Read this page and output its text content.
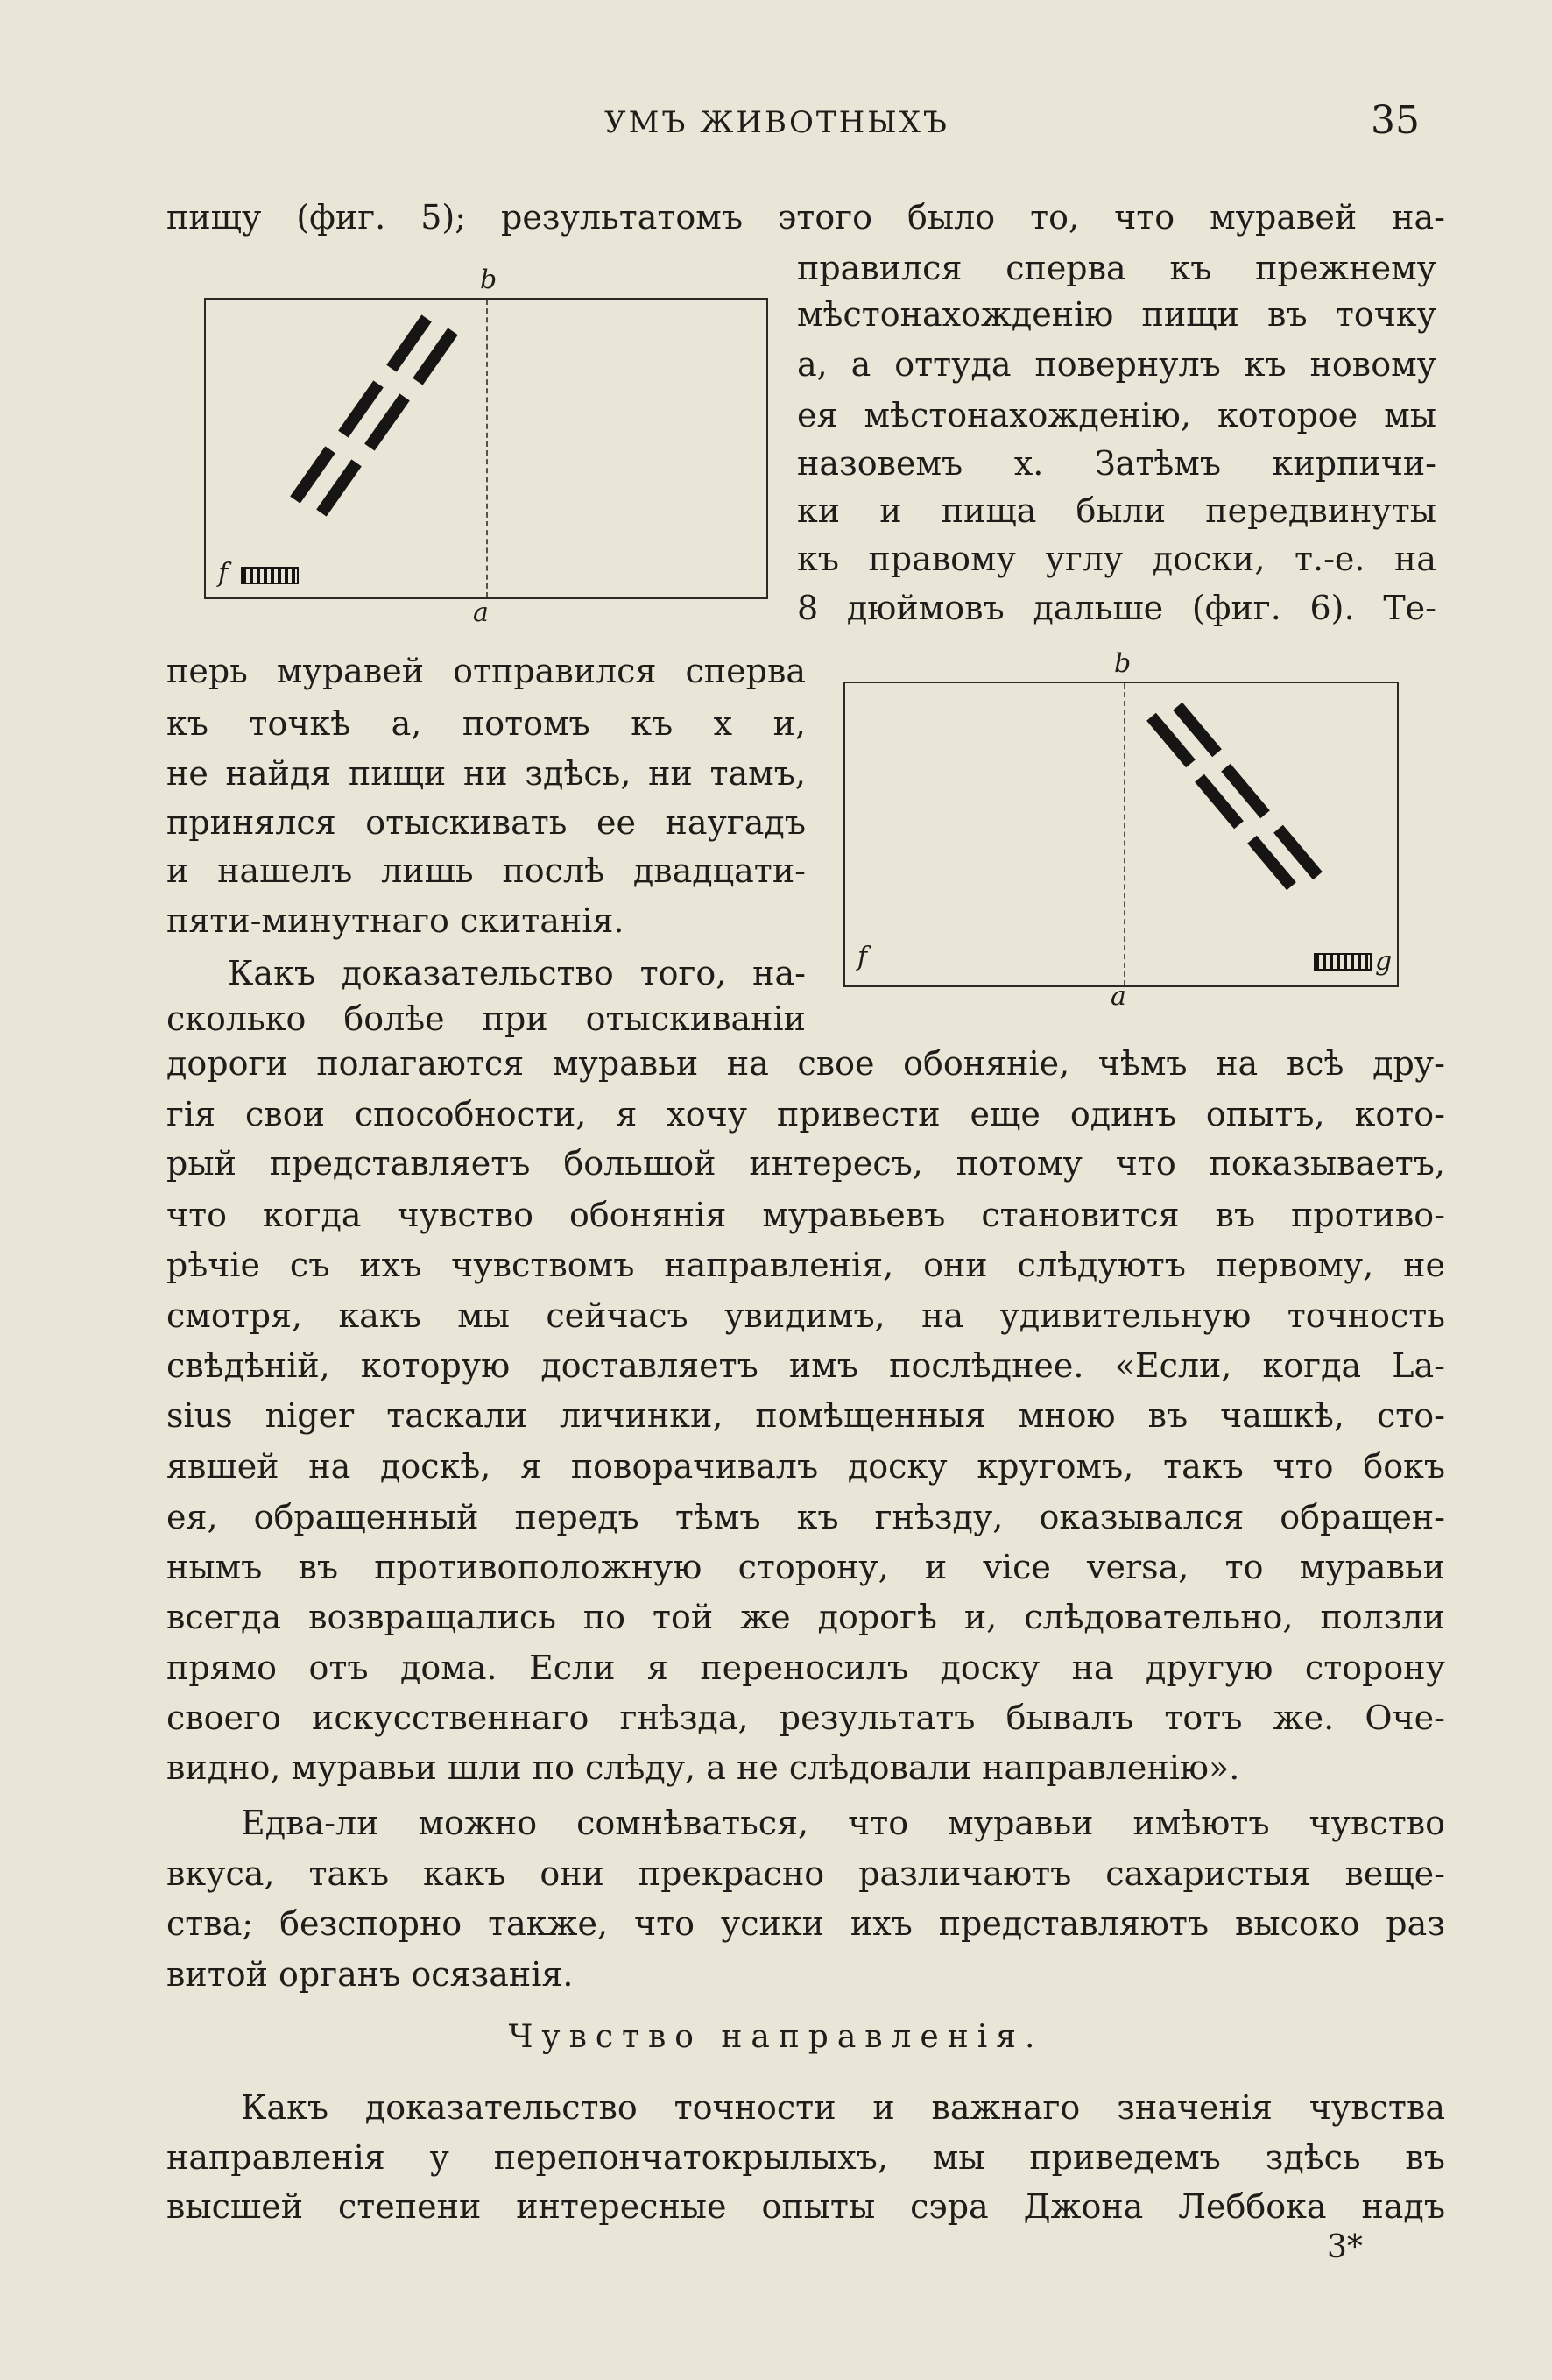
УМЪ ЖИВОТНЫХЪ	35
пищу (фиг. 5); результатомъ этого было то, что муравей на-
правился сперва къ прежнему
мѣстонахожденію пищи въ точку
a, а оттуда повернулъ къ новому
ея мѣстонахожденію, которое мы
назовемъ х. Затѣмъ кирпичи-
ки и пища были передвинуты
къ правому углу доски, т.-е. на
8 дюймовъ дальше (фиг. 6). Те-
b
f
a
перь муравей отправился сперва
къ точкѣ а, потомъ къ х и,
не найдя пищи ни здѣсь, ни тамъ,
принялся отыскивать ее наугадъ
и нашелъ лишь послѣ двадцати-
пяти-минутнаго скитанія.
b
f	g
a
Какъ доказательство того, на-
сколько болѣе при отыскиваніи
дороги полагаются муравьи на свое обоняніе, чѣмъ на всѣ дру-
гія свои способности, я хочу привести еще одинъ опытъ, кото-
рый представляетъ большой интересъ, потому что показываетъ,
что когда чувство обонянія муравьевъ становится въ противо-
рѣчіе съ ихъ чувствомъ направленія, они слѣдуютъ первому, не
смотря, какъ мы сейчасъ увидимъ, на удивительную точность
свѣдѣній, которую доставляетъ имъ послѣднее. «Если, когда La-
sius niger таскали личинки, помѣщенныя мною въ чашкѣ, сто-
явшей на доскѣ, я поворачивалъ доску кругомъ, такъ что бокъ
ея, обращенный передъ тѣмъ къ гнѣзду, оказывался обращен-
нымъ въ противоположную сторону, и vice versa, то муравьи
всегда возвращались по той же дорогѣ и, слѣдовательно, ползли
прямо отъ дома. Если я переносилъ доску на другую сторону
своего искусственнаго гнѣзда, результатъ бывалъ тотъ же. Оче-
видно, муравьи шли по слѣду, а не слѣдовали направленію».
Едва-ли можно сомнѣваться, что муравьи имѣютъ чувство
вкуса, такъ какъ они прекрасно различаютъ сахаристыя веще-
ства; безспорно также, что усики ихъ представляютъ высоко раз
витой органъ осязанія.
Чувство направленія.
Какъ доказательство точности и важнаго значенія чувства
направленія у перепончатокрылыхъ, мы приведемъ здѣсь въ
высшей степени интересные опыты сэра Джона Леббока надъ
3*
